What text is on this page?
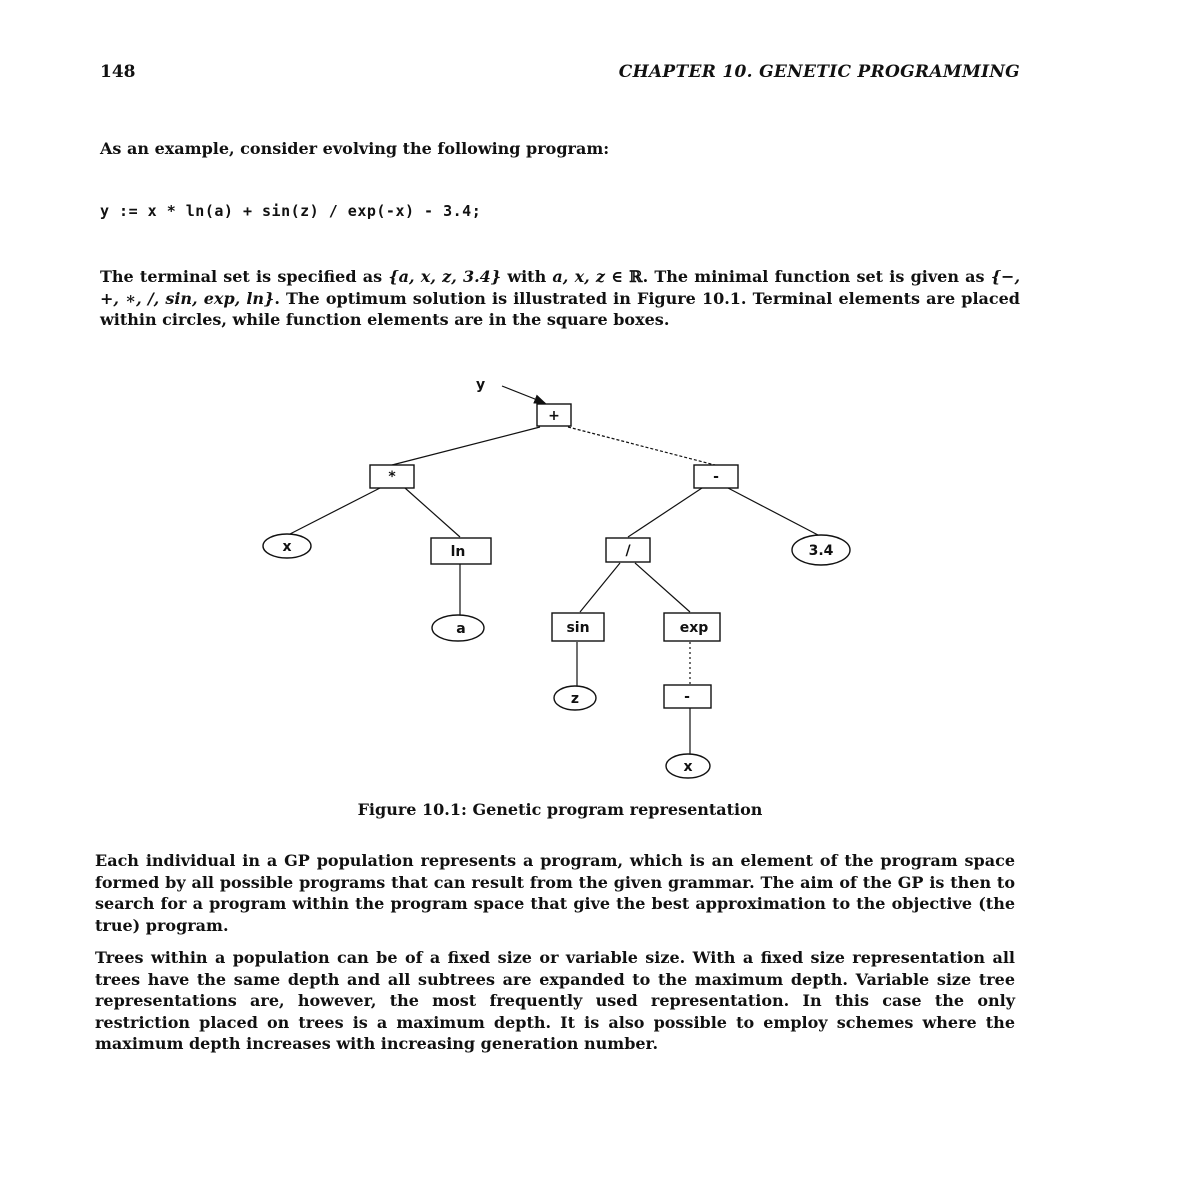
148	CHAPTER 10. GENETIC PROGRAMMING

As an example, consider evolving the following program:

y := x * ln(a) + sin(z) / exp(-x) - 3.4;

The terminal set is specified as {a, x, z, 3.4} with a, x, z ∈ ℝ. The minimal function set is given as {−, +, ∗, /, sin, exp, ln}. The optimum solution is illustrated in Figure 10.1. Terminal elements are placed within circles, while function elements are in the square boxes.

y
+
*	-
x	ln	/	3.4
a	sin	exp
z	-
x
Figure 10.1: Genetic program representation

Each individual in a GP population represents a program, which is an element of the program space formed by all possible programs that can result from the given grammar. The aim of the GP is then to search for a program within the program space that give the best approximation to the objective (the true) program.

Trees within a population can be of a fixed size or variable size. With a fixed size representation all trees have the same depth and all subtrees are expanded to the maximum depth. Variable size tree representations are, however, the most frequently used representation. In this case the only restriction placed on trees is a maximum depth. It is also possible to employ schemes where the maximum depth increases with increasing generation number.
